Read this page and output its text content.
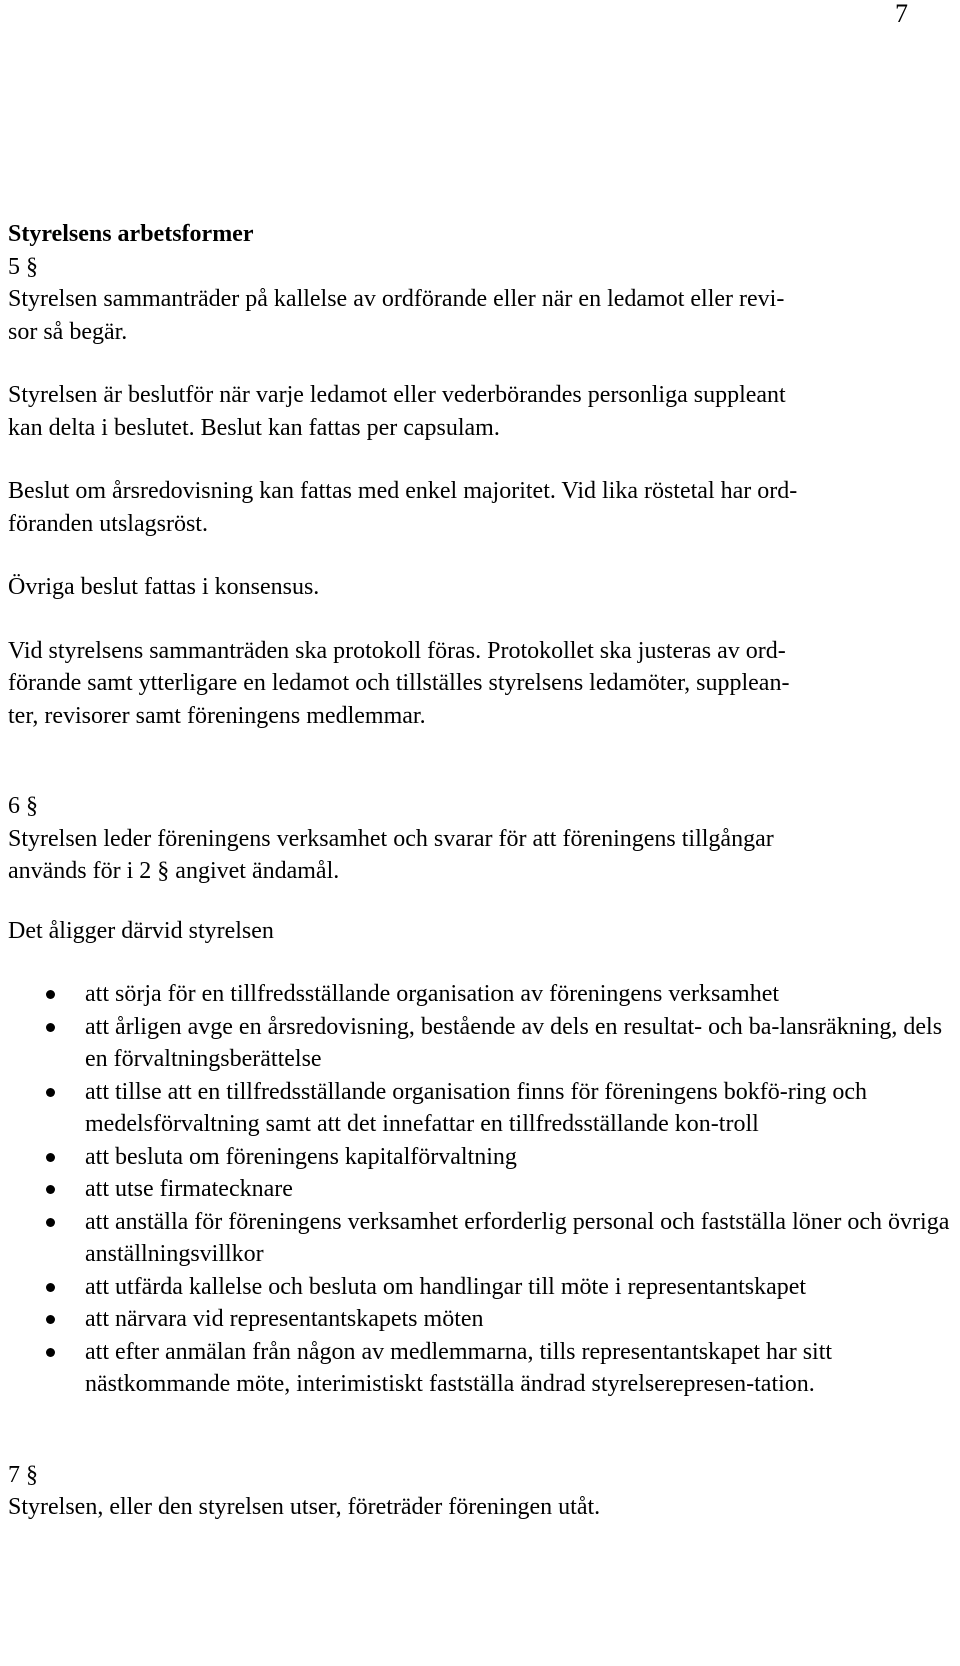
7
Styrelsens arbetsformer

5 §

Styrelsen sammanträder på kallelse av ordförande eller när en ledamot eller revi-
sor så begär.

Styrelsen är beslutför när varje ledamot eller vederbörandes personliga suppleant
kan delta i beslutet. Beslut kan fattas per capsulam.

Beslut om årsredovisning kan fattas med enkel majoritet. Vid lika röstetal har ord-
föranden utslagsröst.

Övriga beslut fattas i konsensus.

Vid styrelsens sammanträden ska protokoll föras. Protokollet ska justeras av ord-
förande samt ytterligare en ledamot och tillställes styrelsens ledamöter, supplean-
ter, revisorer samt föreningens medlemmar.

6 §

Styrelsen leder föreningens verksamhet och svarar för att föreningens tillgångar
används för i 2 § angivet ändamål.

Det åligger därvid styrelsen

att sörja för en tillfredsställande organisation av föreningens verksamhet
att årligen avge en årsredovisning, bestående av dels en resultat- och ba-lansräkning, dels en förvaltningsberättelse
att tillse att en tillfredsställande organisation finns för föreningens bokfö-ring och medelsförvaltning samt att det innefattar en tillfredsställande kon-troll
att besluta om föreningens kapitalförvaltning
att utse firmatecknare
att anställa för föreningens verksamhet erforderlig personal och fastställa löner och övriga anställningsvillkor
att utfärda kallelse och besluta om handlingar till möte i representantskapet
att närvara vid representantskapets möten
att efter anmälan från någon av medlemmarna, tills representantskapet har sitt nästkommande möte, interimistiskt fastställa ändrad styrelserepresen-tation.

7 §

Styrelsen, eller den styrelsen utser, företräder föreningen utåt.
